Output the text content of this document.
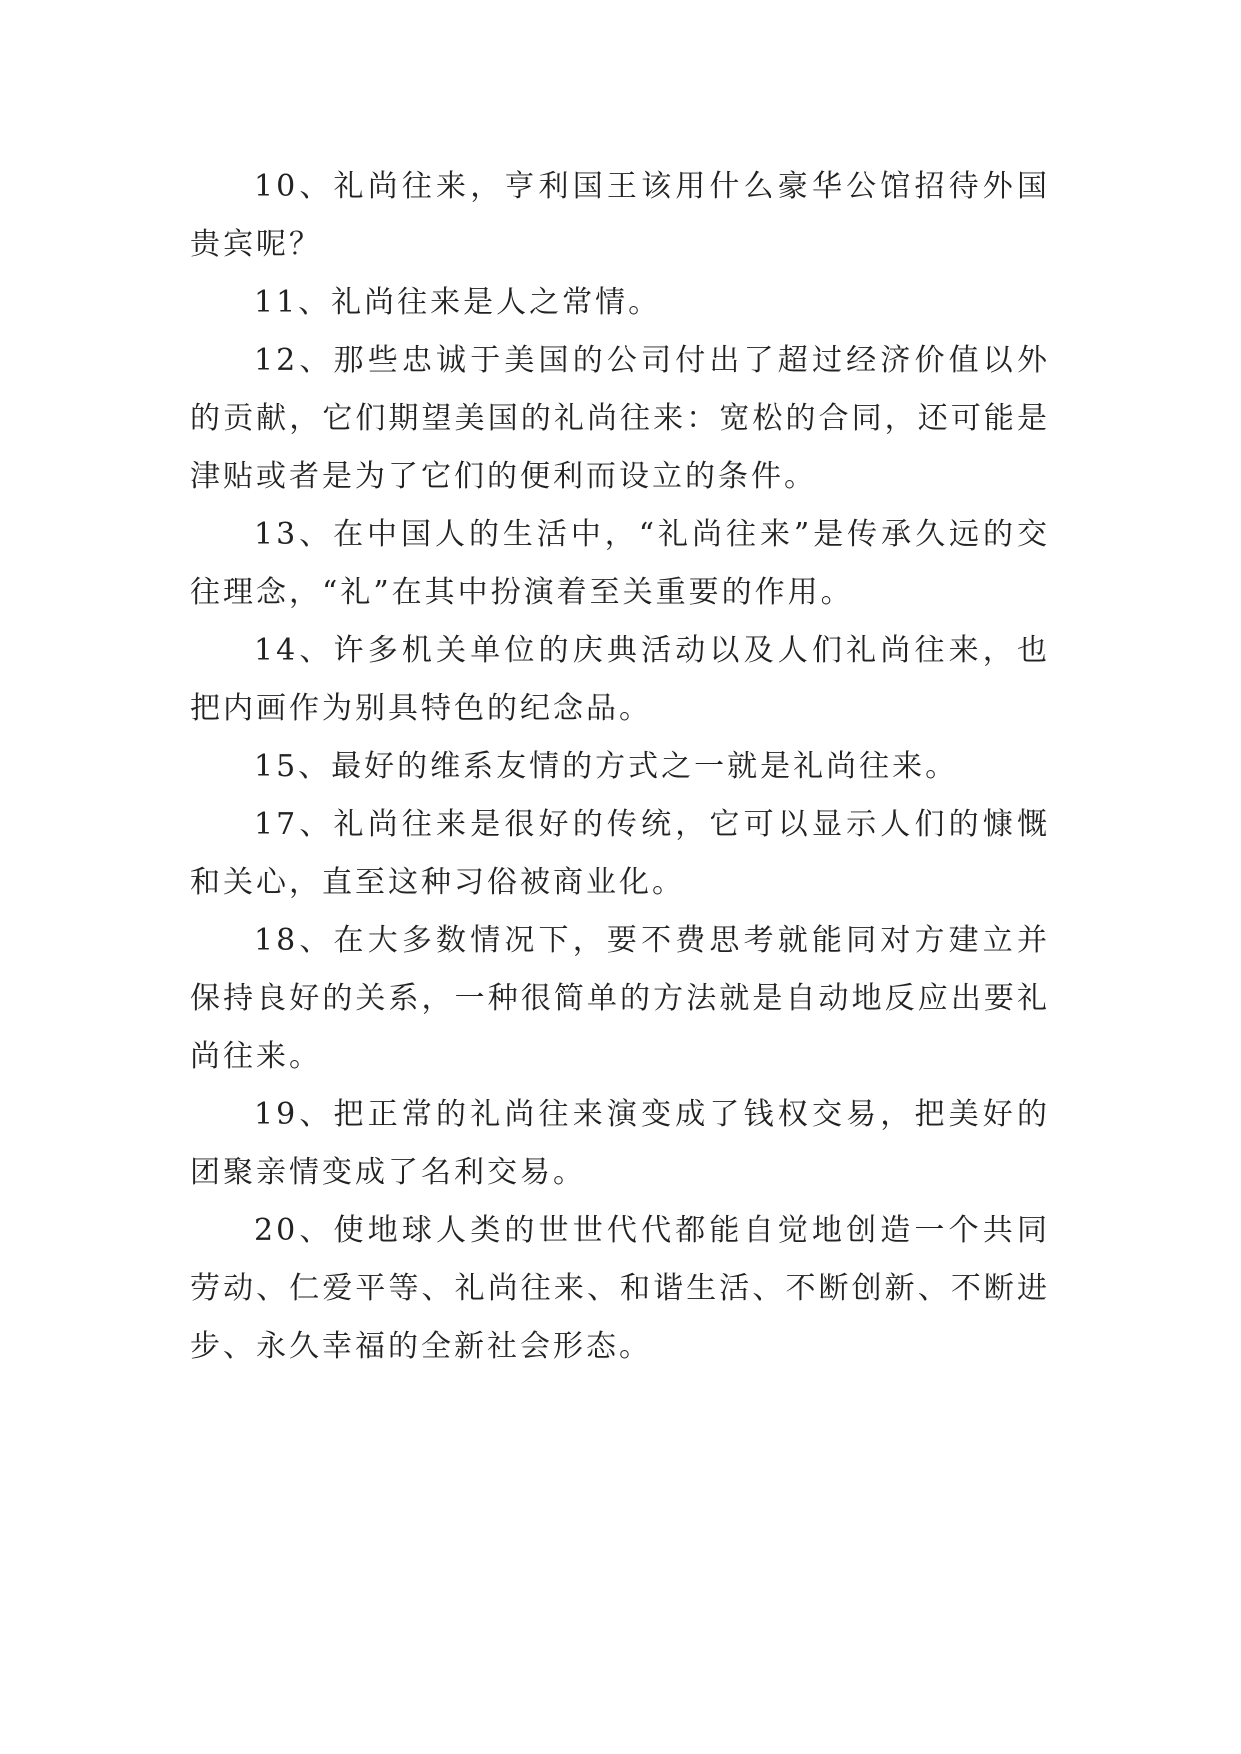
10、礼尚往来，亨利国王该用什么豪华公馆招待外国贵宾呢？

11、礼尚往来是人之常情。

12、那些忠诚于美国的公司付出了超过经济价值以外的贡献，它们期望美国的礼尚往来：宽松的合同，还可能是津贴或者是为了它们的便利而设立的条件。

13、在中国人的生活中，“礼尚往来”是传承久远的交往理念，“礼”在其中扮演着至关重要的作用。

14、许多机关单位的庆典活动以及人们礼尚往来，也把内画作为别具特色的纪念品。

15、最好的维系友情的方式之一就是礼尚往来。

17、礼尚往来是很好的传统，它可以显示人们的慷慨和关心，直至这种习俗被商业化。

18、在大多数情况下，要不费思考就能同对方建立并保持良好的关系，一种很简单的方法就是自动地反应出要礼尚往来。

19、把正常的礼尚往来演变成了钱权交易，把美好的团聚亲情变成了名利交易。

20、使地球人类的世世代代都能自觉地创造一个共同劳动、仁爱平等、礼尚往来、和谐生活、不断创新、不断进步、永久幸福的全新社会形态。
